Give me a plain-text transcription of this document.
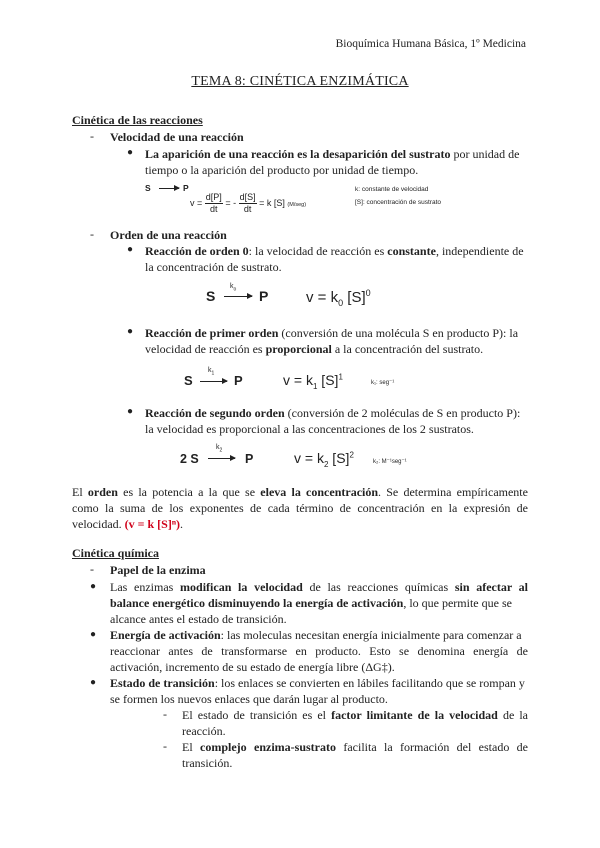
Bioquímica Humana Básica, 1º Medicina
TEMA 8: CINÉTICA ENZIMÁTICA
Cinética de las reacciones
- Velocidad de una reacción
● La aparición de una reacción es la desaparición del sustrato por unidad de
tiempo o la aparición del producto por unidad de tiempo.
S → P
$v = \frac{d[P]}{dt}$ = - $\frac{d[S]}{dt} = k$ [S] (M/seg)
k: constante de velocidad
[S]: concentración de sustrato
- Orden de una reacción
● Reacción de orden 0: la velocidad de reacción es constante, independiente de
la concentración de sustrato.
S
$k_o \to P$	$v = k_0$ $[S]^0$
● Reacción de primer orden (conversión de una molécula S en producto P): la
velocidad de reacción es proporcional a la concentración del sustrato.
S
$k_1 \to P$	$v = k_1$ $[S]^1$
k₁: seg⁻¹
● Reacción de segundo orden (conversión de 2 moléculas de S en producto P):
la velocidad es proporcional a las concentraciones de los 2 sustratos.
2 S
$k_2$
→ P	$v = k_2$ $[S]^2$
k₂: M⁻¹seg⁻¹
El orden es la potencia a la que se eleva la concentración. Se determina empíricamente
como la suma de los exponentes de cada término de concentración en la expresión de
velocidad. (v = k [S]ⁿ).
Cinética química
- Papel de la enzima
● Las enzimas modifican la velocidad de las reacciones químicas sin afectar al
balance energético disminuyendo la energía de activación, lo que permite que se
alcance antes el estado de transición.
● Energía de activación: las moleculas necesitan energía inicialmente para comenzar a
reaccionar antes de transformarse en producto. Esto se denomina energía de
activación, incremento de su estado de energía libre (ΔG‡).
● Estado de transición: los enlaces se convierten en lábiles facilitando que se rompan y
se formen los nuevos enlaces que darán lugar al producto.
- El estado de transición es el factor limitante de la velocidad de la
reacción.
- El complejo enzima-sustrato facilita la formación del estado de
transición.
